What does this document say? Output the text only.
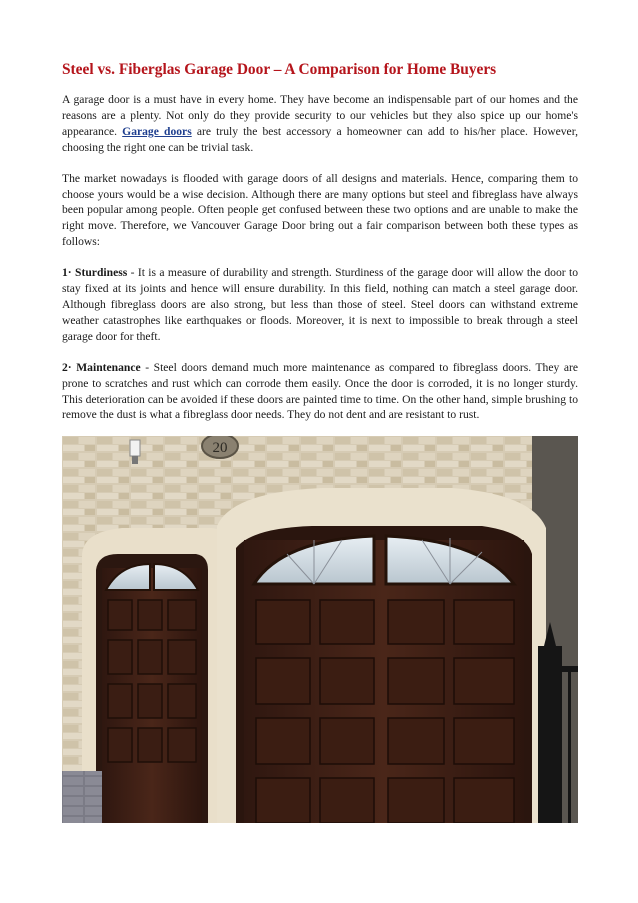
Steel vs. Fiberglas Garage Door – A Comparison for Home Buyers

A garage door is a must have in every home. They have become an indispensable part of our homes and the reasons are a plenty. Not only do they provide security to our vehicles but they also spice up our home's appearance. Garage doors are truly the best accessory a homeowner can add to his/her place. However, choosing the right one can be trivial task.

The market nowadays is flooded with garage doors of all designs and materials. Hence, comparing them to choose yours would be a wise decision. Although there are many options but steel and fibreglass have always been popular among people. Often people get confused between these two options and are unable to make the right move. Therefore, we Vancouver Garage Door bring out a fair comparison between both these types as follows:

1· Sturdiness - It is a measure of durability and strength. Sturdiness of the garage door will allow the door to stay fixed at its joints and hence will ensure durability. In this field, nothing can match a steel garage door. Although fibreglass doors are also strong, but less than those of steel. Steel doors can withstand extreme weather catastrophes like earthquakes or floods. Moreover, it is next to impossible to break through a steel garage door for theft.

2· Maintenance - Steel doors demand much more maintenance as compared to fibreglass doors. They are prone to scratches and rust which can corrode them easily. Once the door is corroded, it is no longer sturdy. This deterioration can be avoided if these doors are painted time to time. On the other hand, simple brushing to remove the dust is what a fibreglass door needs. They do not dent and are resistant to rust.

20
